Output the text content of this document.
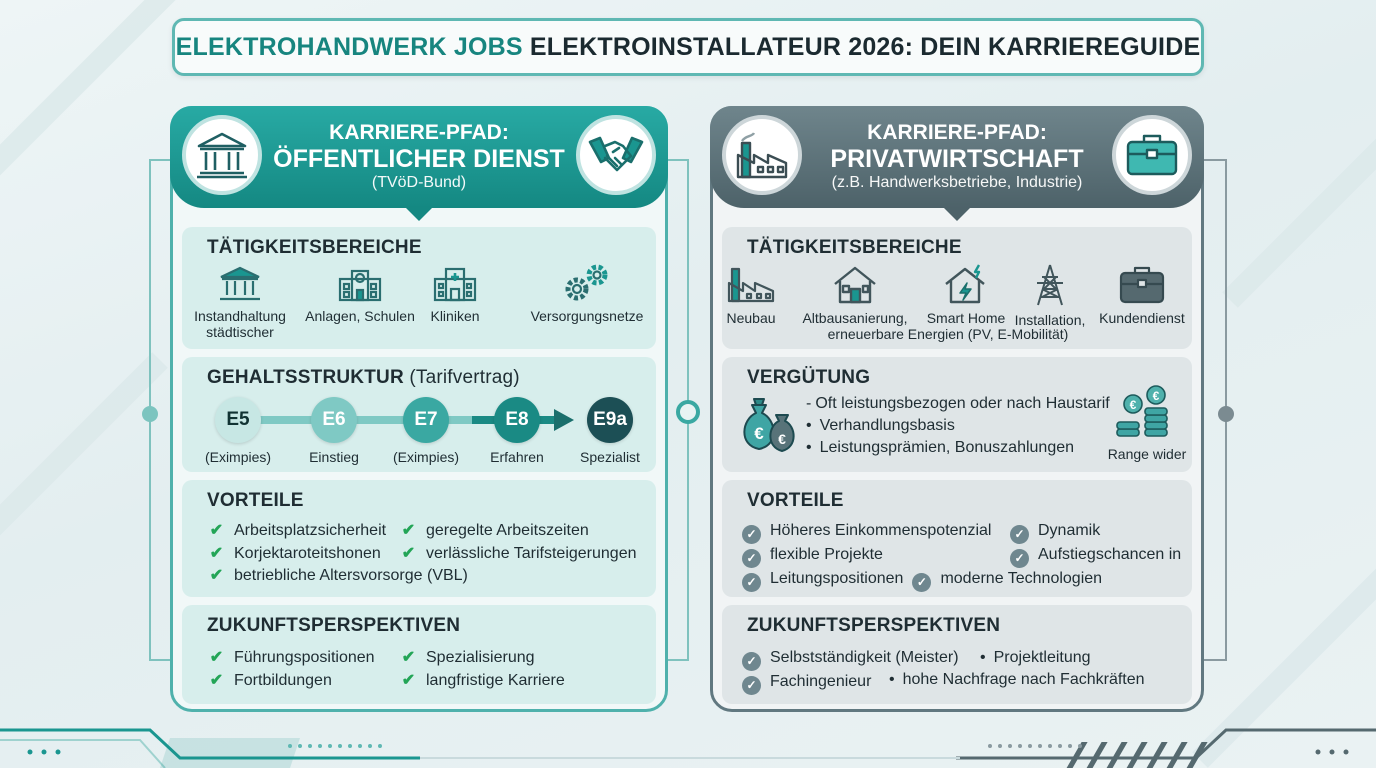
ELEKTROHANDWERK JOBS
ELEKTROINSTALLATEUR 2026: DEIN KARRIEREGUIDE
KARRIERE-PFAD:
ÖFFENTLICHER DIENST
(TVöD-Bund)
TÄTIGKEITSBEREICHE
Instandhaltung städtischer
Anlagen, Schulen Kliniken	Versorgungsnetze
GEHALTSSTRUKTUR (Tarifvertrag)
E5	E6	E7	E8	E9a
(Eximpies)	Einstieg	(Eximpies)	Erfahren	Spezialist
VORTEILE
✔ Arbeitsplatzsicherheit
✔ Korjektaroteitshonen
✔ betriebliche Altersvorsorge (VBL)
✔ geregelte Arbeitszeiten
✔ verlässliche Tarifsteigerungen
ZUKUNFTSPERSPEKTIVEN
✔ Führungspositionen
✔ Fortbildungen
✔ Spezialisierung
✔ langfristige Karriere
KARRIERE-PFAD:
PRIVATWIRTSCHAFT
(z.B. Handwerksbetriebe, Industrie)
TÄTIGKEITSBEREICHE
Neubau Altbausanierung, Smart Home Installation, Kundendienst
erneuerbare Energien (PV, E-Mobilität)
VERGÜTUNG
€ €
- Oft leistungsbezogen oder nach Haustarif
• Verhandlungsbasis
• Leistungsprämien, Bonuszahlungen
€
€
Range wider
VORTEILE
✓ Höheres Einkommenspotenzial
✓ flexible Projekte
✓ Leitungspositionen ✓ moderne Technologien
✓ Dynamik
✓ Aufstiegschancen in
ZUKUNFTSPERSPEKTIVEN
✓ Selbstständigkeit (Meister)
✓ Fachingenieur
• Projektleitung
• hohe Nachfrage nach Fachkräften
